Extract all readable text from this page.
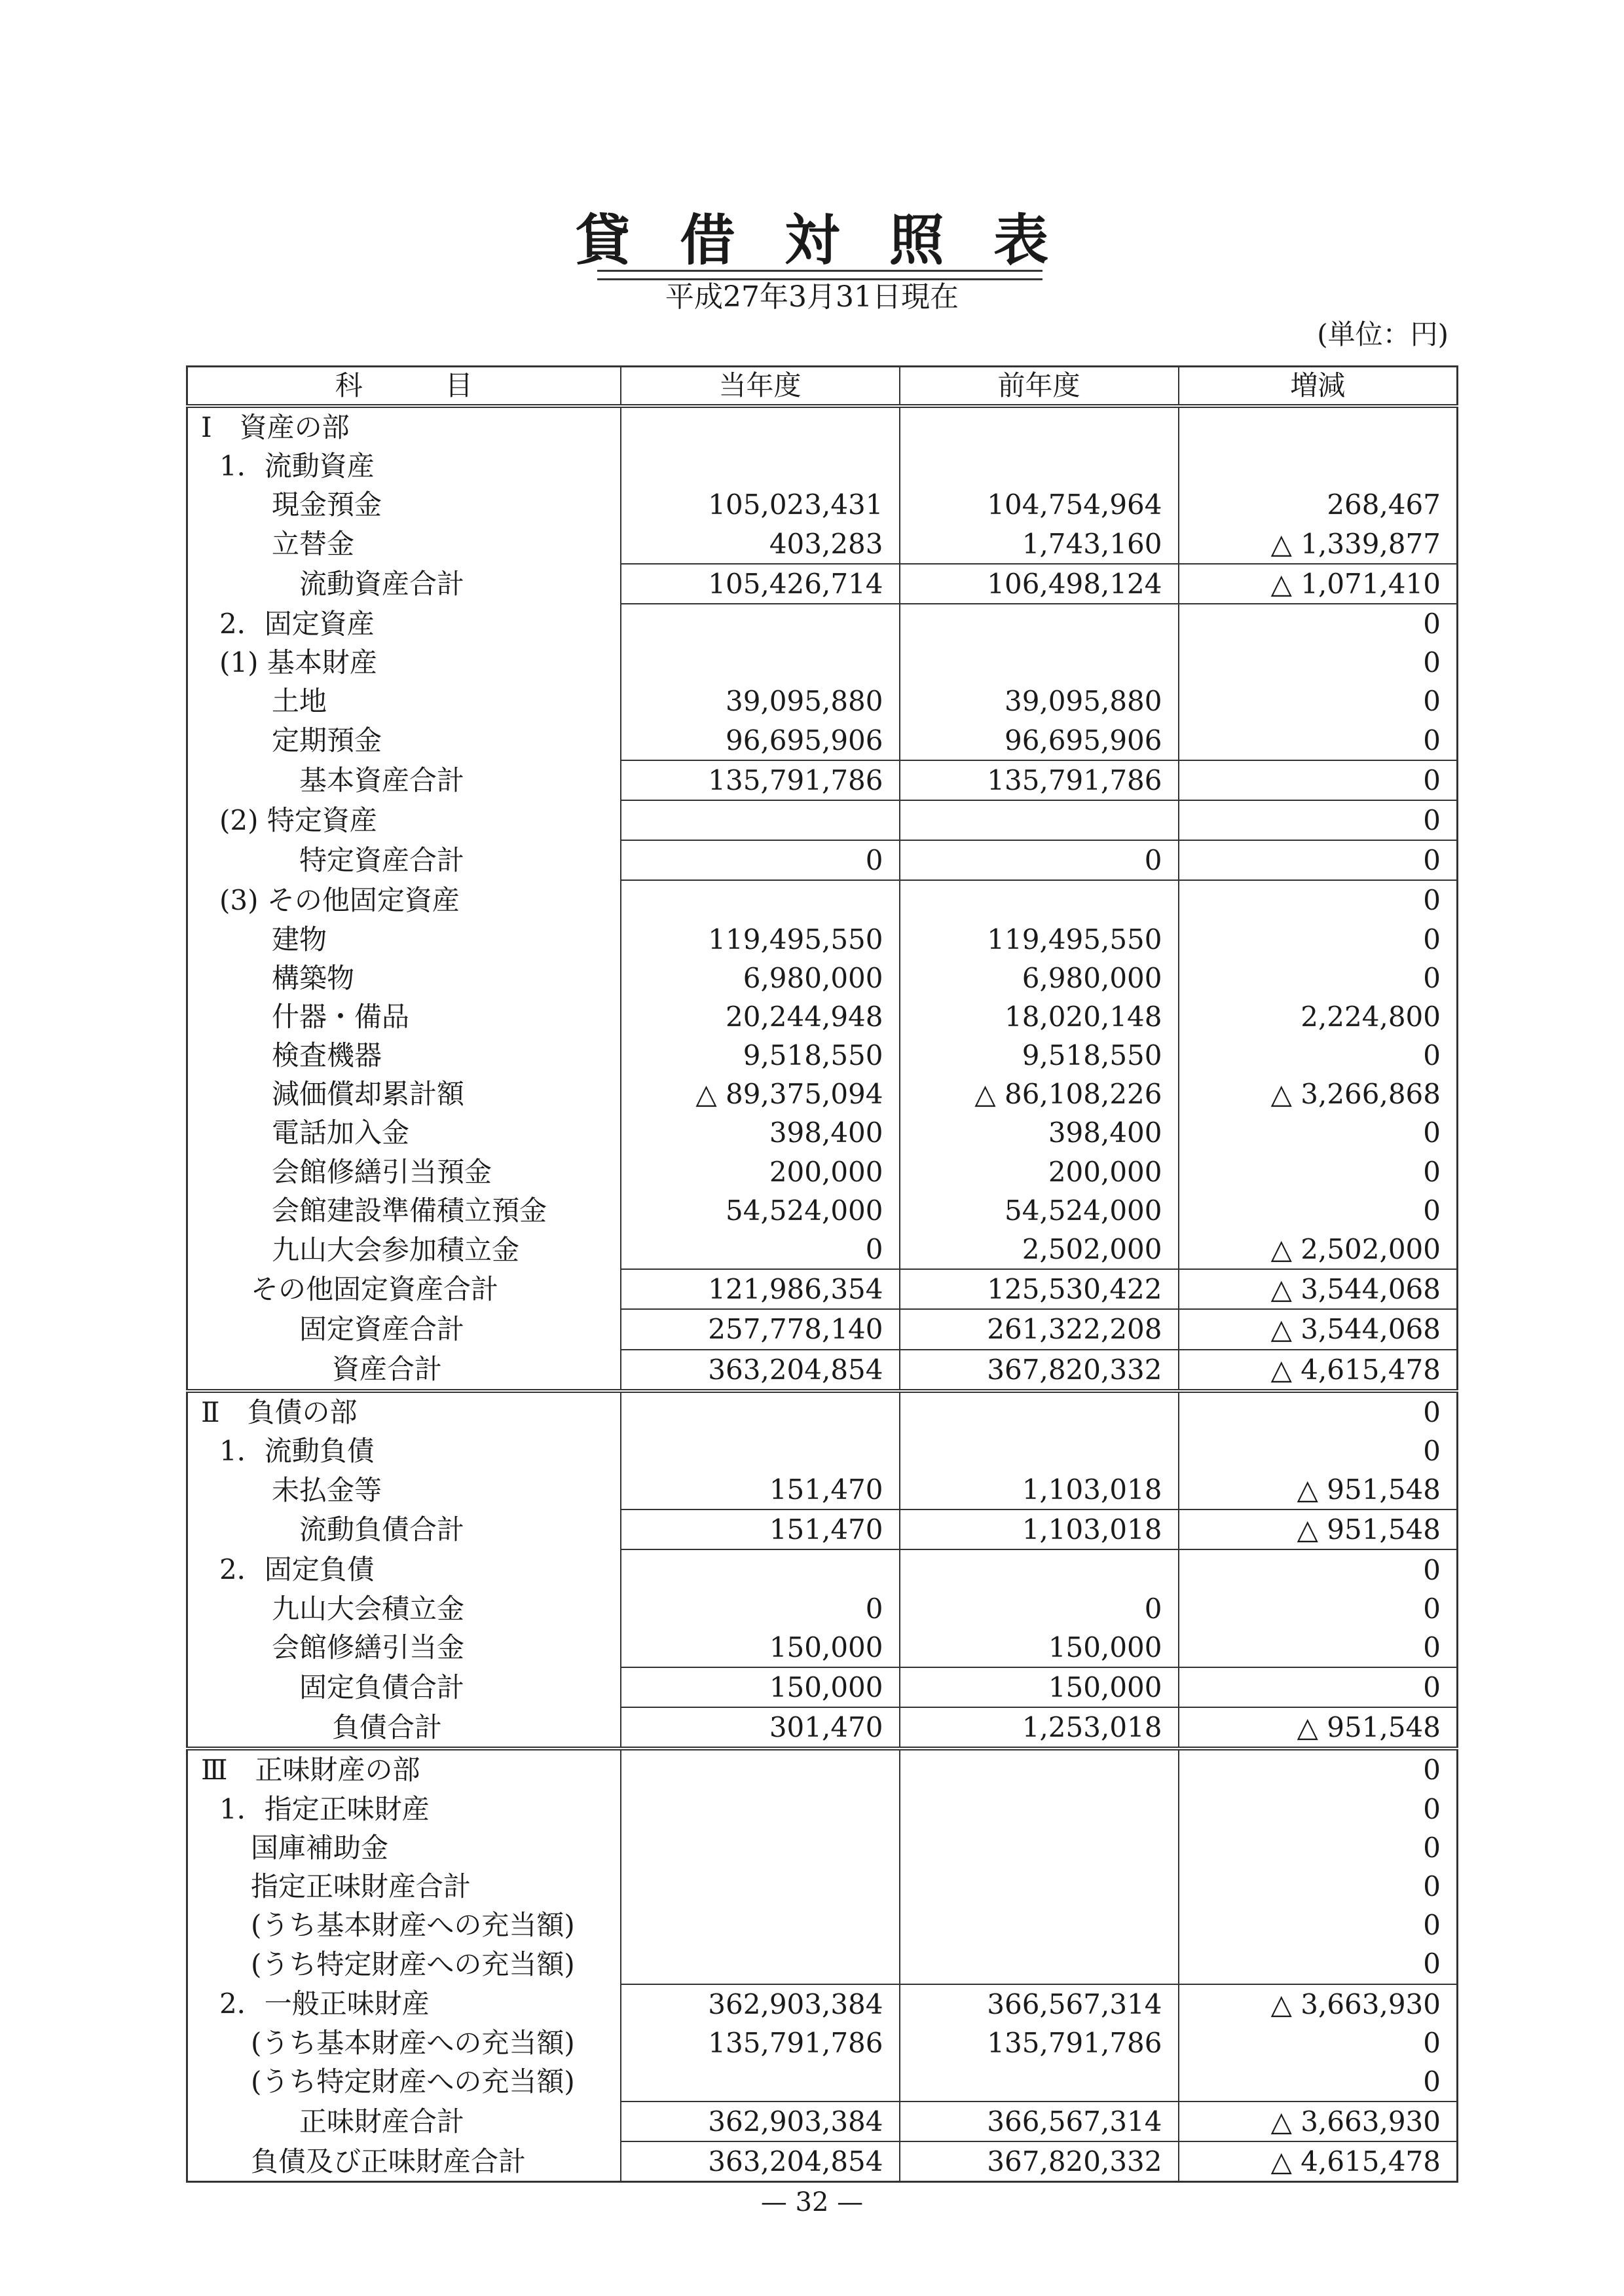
貸借対照表
平成27年3月31日現在
(単位：円)
科　　　目	当年度	前年度	増減
Ⅰ　資産の部			
1．流動資産			
現金預金	105,023,431	104,754,964	268,467
立替金	403,283	1,743,160	△ 1,339,877
流動資産合計	105,426,714	106,498,124	△ 1,071,410
2．固定資産			0
(1) 基本財産			0
土地	39,095,880	39,095,880	0
定期預金	96,695,906	96,695,906	0
基本資産合計	135,791,786	135,791,786	0
(2) 特定資産			0
特定資産合計	0	0	0
(3) その他固定資産			0
建物	119,495,550	119,495,550	0
構築物	6,980,000	6,980,000	0
什器・備品	20,244,948	18,020,148	2,224,800
検査機器	9,518,550	9,518,550	0
減価償却累計額	△ 89,375,094	△ 86,108,226	△ 3,266,868
電話加入金	398,400	398,400	0
会館修繕引当預金	200,000	200,000	0
会館建設準備積立預金	54,524,000	54,524,000	0
九山大会参加積立金	0	2,502,000	△ 2,502,000
その他固定資産合計	121,986,354	125,530,422	△ 3,544,068
固定資産合計	257,778,140	261,322,208	△ 3,544,068
資産合計	363,204,854	367,820,332	△ 4,615,478
Ⅱ　負債の部			0
1．流動負債			0
未払金等	151,470	1,103,018	△ 951,548
流動負債合計	151,470	1,103,018	△ 951,548
2．固定負債			0
九山大会積立金	0	0	0
会館修繕引当金	150,000	150,000	0
固定負債合計	150,000	150,000	0
負債合計	301,470	1,253,018	△ 951,548
Ⅲ　正味財産の部			0
1．指定正味財産			0
国庫補助金			0
指定正味財産合計			0
(うち基本財産への充当額)			0
(うち特定財産への充当額)			0
2．一般正味財産	362,903,384	366,567,314	△ 3,663,930
(うち基本財産への充当額)	135,791,786	135,791,786	0
(うち特定財産への充当額)			0
正味財産合計	362,903,384	366,567,314	△ 3,663,930
負債及び正味財産合計	363,204,854	367,820,332	△ 4,615,478
— 32 —
